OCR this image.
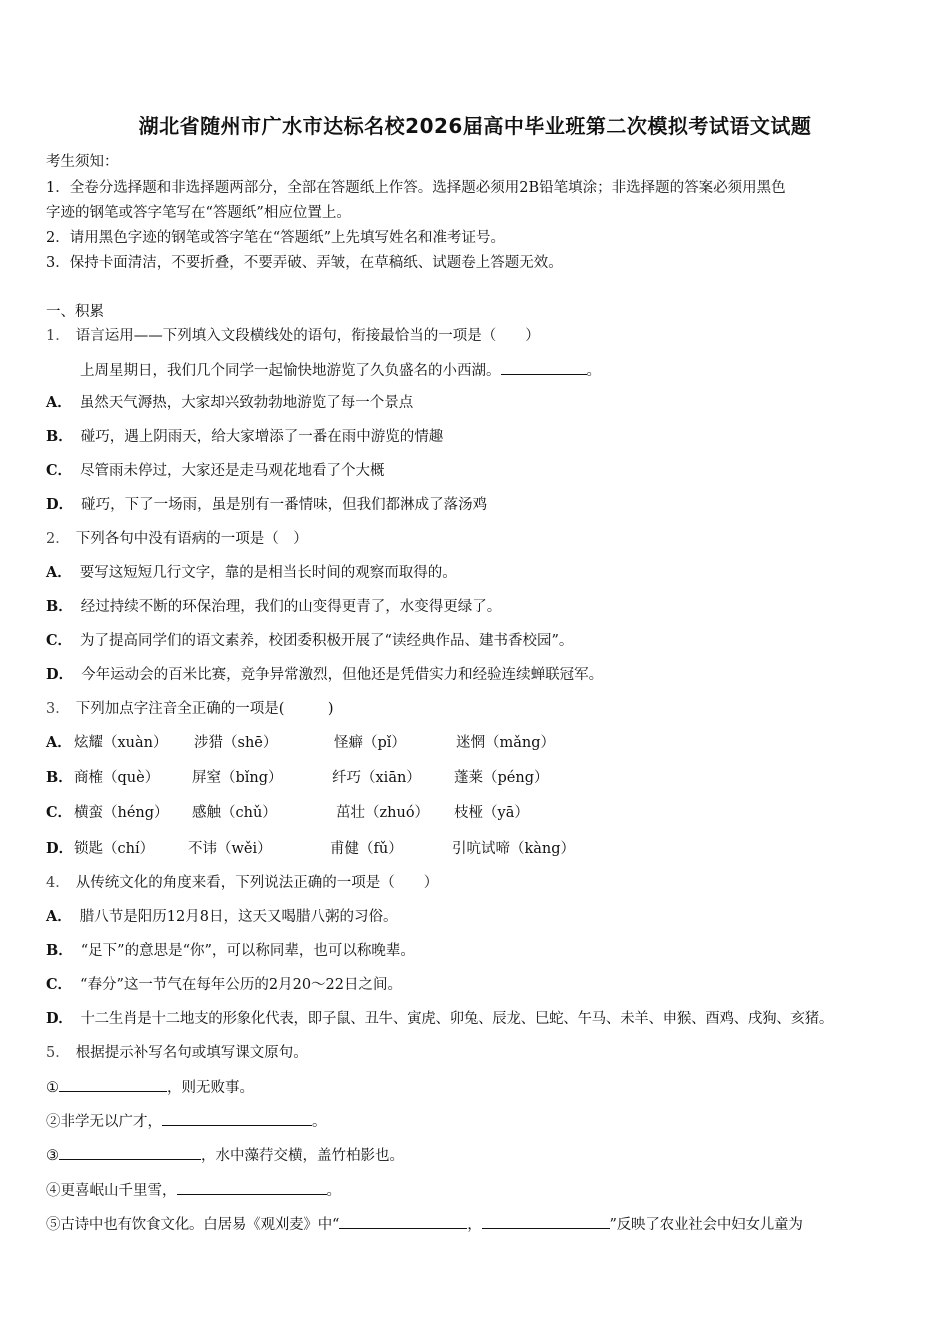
湖北省随州市广水市达标名校2026届高中毕业班第二次模拟考试语文试题
考生须知：
1．全卷分选择题和非选择题两部分，全部在答题纸上作答。选择题必须用2B铅笔填涂；非选择题的答案必须用黑色
字迹的钢笔或答字笔写在“答题纸”相应位置上。
2．请用黑色字迹的钢笔或答字笔在“答题纸”上先填写姓名和准考证号。
3．保持卡面清洁，不要折叠，不要弄破、弄皱，在草稿纸、试题卷上答题无效。
一、积累
1． 语言运用——下列填入文段横线处的语句，衔接最恰当的一项是（　　）
上周星期日，我们几个同学一起愉快地游览了久负盛名的小西湖。	。
A． 虽然天气溽热，大家却兴致勃勃地游览了每一个景点
B． 碰巧，遇上阴雨天，给大家增添了一番在雨中游览的情趣
C． 尽管雨未停过，大家还是走马观花地看了个大概
D． 碰巧，下了一场雨，虽是别有一番情味，但我们都淋成了落汤鸡
2． 下列各句中没有语病的一项是（　）
A． 要写这短短几行文字，靠的是相当长时间的观察而取得的。
B． 经过持续不断的环保治理，我们的山变得更青了，水变得更绿了。
C． 为了提高同学们的语文素养，校团委积极开展了“读经典作品、建书香校园”。
D． 今年运动会的百米比赛，竞争异常激烈，但他还是凭借实力和经验连续蝉联冠军。
3． 下列加点字注音全正确的一项是(　　　)
A． 炫耀（xuàn） 涉猎（shē）	怪癖（pǐ）	迷惘（mǎng）
B． 商榷（què） 屏窒（bǐng）	纤巧（xiān） 蓬莱（péng）
C． 横蛮（héng） 感触（chǔ）	茁壮（zhuó） 枝桠（yā）
D． 锁匙（chí） 不讳（wěi）	甫健（fǔ）	引吭试啼（kàng）
4． 从传统文化的角度来看，下列说法正确的一项是（　　）
A． 腊八节是阳历12月8日，这天又喝腊八粥的习俗。
B． “足下”的意思是“你”，可以称同辈，也可以称晚辈。
C． “春分”这一节气在每年公历的2月20～22日之间。
D． 十二生肖是十二地支的形象化代表，即子鼠、丑牛、寅虎、卯兔、辰龙、巳蛇、午马、未羊、申猴、酉鸡、戌狗、亥猪。
5． 根据提示补写名句或填写课文原句。
①	，则无败事。
②非学无以广才，	。
③	，水中藻荇交横，盖竹柏影也。
④更喜岷山千里雪，	。
⑤古诗中也有饮食文化。白居易《观刈麦》中“	，	”反映了农业社会中妇女儿童为
